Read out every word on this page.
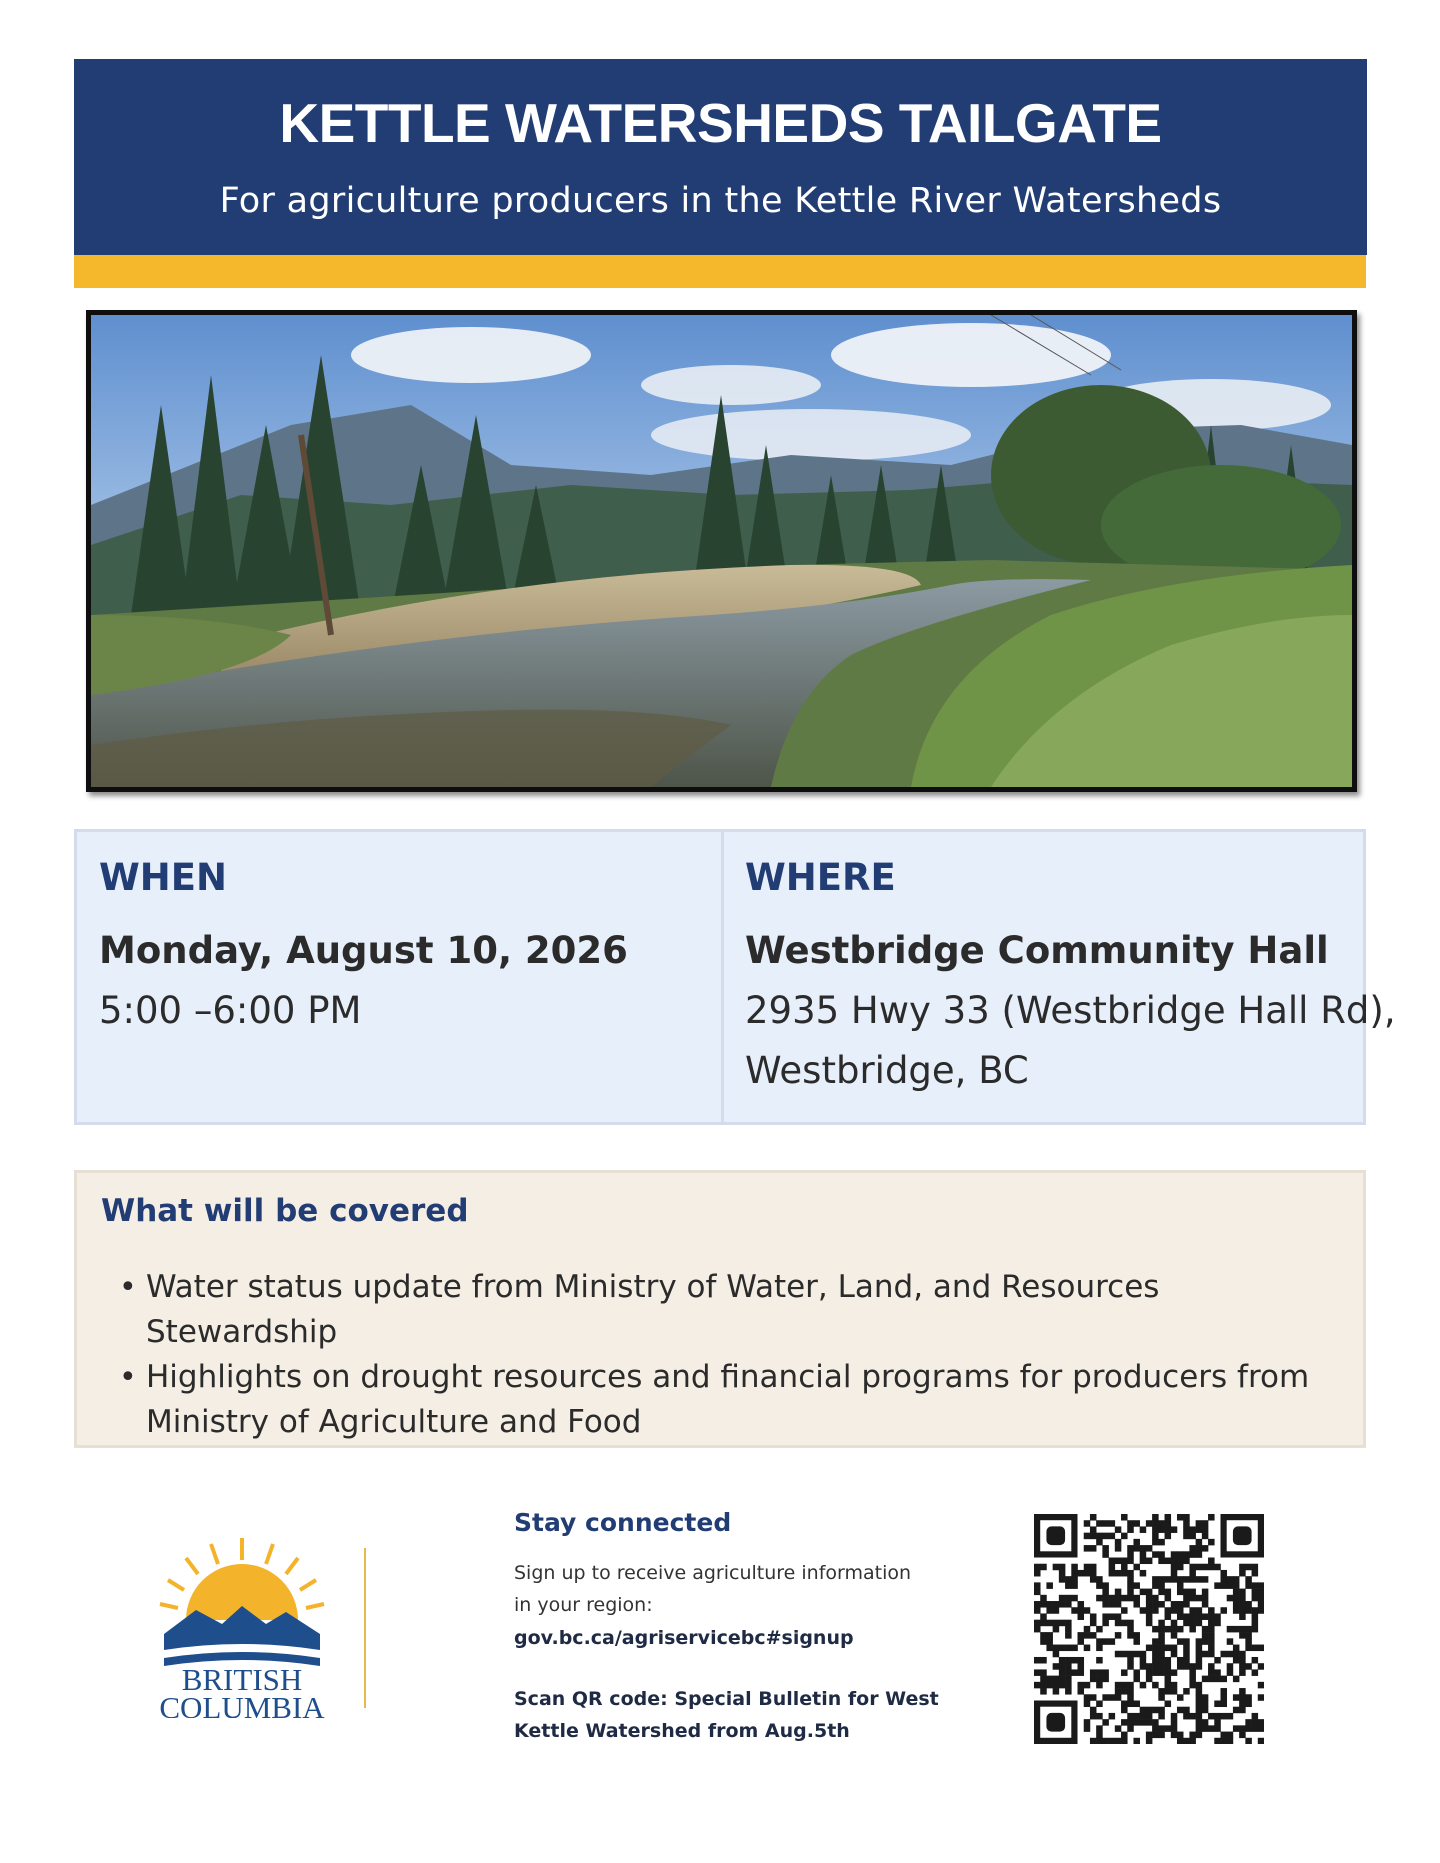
KETTLE WATERSHEDS TAILGATE
For agriculture producers in the Kettle River Watersheds
WHEN
Monday, August 10, 2026
5:00 –6:00 PM
WHERE
Westbridge Community Hall
2935 Hwy 33 (Westbridge Hall Rd),
Westbridge, BC
What will be covered
• Water status update from Ministry of Water, Land, and Resources Stewardship
• Highlights on drought resources and financial programs for producers from Ministry of Agriculture and Food
BRITISH
COLUMBIA
Stay connected
Sign up to receive agriculture information in your region:
gov.bc.ca/agriservicebc#signup
Scan QR code: Special Bulletin for West Kettle Watershed from Aug.5th
